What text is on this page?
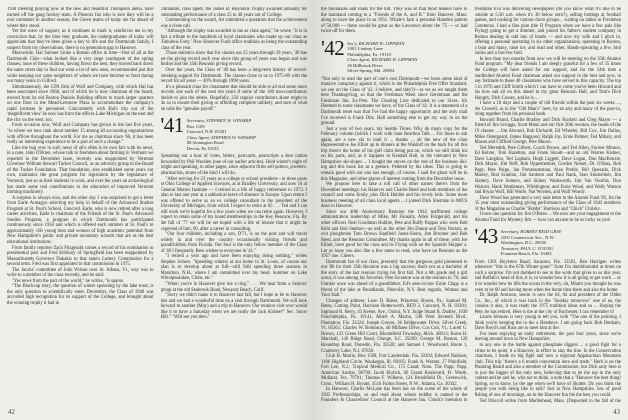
1938 meeting playing now in the new and beautiful Thompson arena, have earned off the gang hockey team. A Phoenix fan who is sure they will be a real contender in another season, the Green teams of today are far ahead of where they stood.

Yet the wave of support, as it continues to mark it, reinforces me in my conviction that, by the time they graduate, the undergraduates of today will appreciate that they've been given a key to life and the Dartmouth family, I suspect from my observations, there is no generation gap in Hanover.

Meanwhile, Hal Sumner broke a Boston office in time—first of all at the Dartmouth Club—what looked like a very large contingent of the spring classes; none of these children, having flown the nest, they moved back down the same street day to find out went a lot of new ones; recommended just this while keeping our same neighbors of whom we have become so fond during our many years in Gilford.

Simultaneously, the CPA firm of Wolf and Company, with which Hal has been associated since 1966, and of which he is now chairman of the board, moved from its old Boston Daniels Building offices to much larger quarters on one floor in the Mead-Lenmore Plaza to accommodate the company's rapid increase in personnel. Concurrently with Hal's trip out of the 'magnificent view' he now has from the offices Lake Michigan on the east and the city on the west, too.

From occasion now, Wolf and Company has grown in the last five years, "to where we now rank about number 15 among all accounting organizations with offices throughout the world. For me as chairman since '66, it has been really an interesting experience to be a part of such a change."

Like the bug over in surf, news of all's often is its own fact with its news, in a note, John O'Brien, whose talk to freshmen about farming in Vermont we reported in the December issue, recently was reappointed by Vermont Governor William Stewart Tucker Council, as an advisory group to the Board of the Tucker Foundation. That foundation, also established some years our own, maintains the great program for legislation by the legislature of Vermont, just so as their students in work, and over the years an archeological has made some real contributions to the education of improved Vermont farming machinery.

A surprise is always nice, and the other day I was surprised to get a letter from Earle Armagyn selecting my help in behalf of the Advanced Studies Program at St. Paul's School, Concord. Earle, who is now retired after a long career activities, Earle is chairman of the Friends of the St. Paul's Advanced Studies Program, a program in which Dartmouth has participated continuously since 1958 and which is offered each summer at St. Paul's to approximately 160 young men and women of high academic potential from New Hampshire's public and private secondary schools that are as the best educational institutions.

From family reporter Zach Fitzgerald comes a record of his nomination to presidential post and Fred Ethibury of Springfield has been reappointed by Massachusetts Governor Dukakis to that state's Lottery Commission for a second term. Fred was first appointed to that commission in 1975.

The Jacobs' committee of John Wilson over St. Albans, Vt., way was to write to a member of the class recently, and he said:

"Yes news from the part of the world," he writes, "is sparse.

"The Blackcap story, the question of winter spawning by the lake trout, is the only question to scientifically enter. December, the Class of 1940 was accorded high recognition for its support of the College, and brought about the winning trophy it had in

Outlander, class agent, the James B. Reynolds Trophy awarded annually for outstanding performance of a class 25 to 40 years out of College.

Commenting on the award, Art submitted a quotation that the achievement was a close call.

"Although the trophy was awarded to me as class agent," he wrote, "it is in fact a tribute to the hundreds of loyal classmates who made up our class as 'Fabulous Forty.' New Hanover Fund office tradition as being the outstanding class of the year.

Those statistics show that for classes out 25 years through 39 years, '40 has set the giving record each year since this group of years was began and was further and the 35th Reunion giving record.

Over the years, the Class of '40 has been a long-term history of record-breaking support for Dartmouth. The classes close to us in 1975-80 with the record for all years — 40% through 1990 years.

It's a pleasant class for classmates that should be able to all end some more records one each of the next ten years if some of the 100 non-contributors decide to join the others. Hopefully, 250 regular contributors alone might to do so to ensure their giving or affording complete unlikely, and sure of what he calls the "genuine payoff."

'41 Secretary, STEPHEN W. WINSHIP
Box 1109
Concord, N.H. 03301
Class Agent, STEPHEN W. WINSHIP
80 Stonington Road
Devon, Pa 19333

Spreading out a host of votes, letters, postcards, postscripts a dear nation forwarded by Phil Woollen (one of our earlier articles). Hold winter's night of bright and speaking, in other pages, since adjacent firms sell potters, jewelers, pharmacists, stores of the kind I will do.

"After serving for 23 years as a college or school president—in three posts at Ohio College of Applied Sciences, at at Bradley University, and now 16 at General Motors Institute — I retired to a life of happy retirement in 1973. I plan to last one year at a sabbatical leave of absence in Europe. Upon return I was offered to serve as an ex college consultant to the president of the University of Michigan, from which I expect to retire at 65 . . . Ted and I can still work we're hopeful for a few years when we can retire again. However, I expect to retain some of my board memberships in the Key Beacons, Fla. By the fall of '77 we will be set hoped with a life of leisure that it might be expected of him, 60, after a career in consulting.

"Our four children, including a son, D'71, is on the post and will travel widely in and over the country occasionally visiting friends and grandchildren from Florida. Our four is the only fellow member of the Class of '40 I frequently Bess wishes to everyone in '41."

"I retired a year ago and have been enjoying doing nothing," writes Stephen Scheer. "Spending winters at our home in St. Louis, of course our plan is to develop about at full—still Still spending three seasons in Marathon, N.H., where I am committed over my head. Summer on Lake Winnipesaukee, Clubs, etc."

"When you're in Hanover give me a ring," . . . We hear from a Seniors' group at the old Seabrook Road, Newport Beach, Calif.

"Sorry we didn't make it to Hanover last fall, but I hope to be to Hanover lots and we had a wonderful time on a visit through Dartmouth. We will look forward to another (May) and a trip to Hanover. Our reunion visit over would like it to have a Saturday when we are really the Jack Kisbee?" Sec. Snow Hill." "Will see you then."

42

the mountains and roads for the hill. They was so that most leaders have in the mainland coming to a "Friends of the A. and B." from Hanover, Mass. along to have the place in as 1951. Whale's Jack a personal Hamden pattern of 50,000 — these would be great as the Lawrence about the '75 — or had twice off for them.

'42 Sec'y, RICHARD W. LIPPMAN
1001 Lindsay Lane
Philadelphia, Pa. 19119
Class Agent, RICHARD W. LIPPMAN
26 Hillbrook Drive
Silver Spring, Md. 20904

"Not only to read the part of one's own Dartmouth—we learn some kind of massive conspiracy against it, which is the Philadelphia Free Offer Standard, we use on the Class of '42, I believe, and they'll—as we as we taught them here Thanksgiving, so that the Freshman Week since Gerstmann and the Freshman Inn. Ex-Pres. The Clearing Line dedicated to our Sixes. Ich Deemed to some classmates we have, of the Class of '42. It is a statement of a Dartmouth tenet was that I've had the happy opportunity and the only mail I've received is Frank Ditz. Hall something else to get my way in on the ground.

Just a year of two years, my Seattle Times. Why do many copy for the February column (which I work with Sam Reardon Talk ... For those to ask again, are a new ski to mail it ... thanks ... all the new of the class Representative Joe Elliot up to dinners at the Waldorf on the back for all this trip there's the home of his golf clubs being put on, which we still drink his on his parts, and, as it happens in Kendall Hall, to the tolerated in New Hampshire ski-slopes ... I bought the stoves on the rest of the business Ski-ing and this book list as a gesture. Pelleted by his ideas. This is going to remain good with our one last enough, of course. I said the ghost will be in this Magazine, and other places of interest coming from the December issue.

We propose here to take a toll call of other names there's from the December meetings: his Hanover and Charlie Reed and both members of the council and some Emily, plus Dick Hubble and his lovely kids. Some more business meeting of all class local agents ... I joined Dick Sherman in MICS dean in Hanover.

Since our 40th Anniversary Reunion the 1942 reaffirmed college administration leadership of Mike, Mr Finnally, Allen Fitzgerald, and his other officers Neal Goodman Hubble, Pete and Buffy Pappas who were Bob Kehl and Bob Snelton—as well as the other Jim Dunne and Tom Norton; as exit ploughmen Tom Brown Stanfield Jones-Sierra, Jim Brunner and Bob Reed, and the Reunion Committee. My thanks again to all of these, with Joe Elliott, have good for the class and its Flying with on the Spanish Skipper a. Let us hope you also like a few notes to read, who have no Reunion as the 1957 one. Cheers.

Dartmouth fan of our class, presently that the gorgeous gold presented to our '86 for their 35th Reunion was a big success; that's not as a bachelor of the story of the last reunion trying his first fall. Not a 6th grade and a girl scout, it was among his favorites. Pete Scranton was at the reunion in '76, and Frankie once was ahead of a grandfather. Ed's seen-in-law Ernie Clapp is a friend of the lake at Broadlands, Pineville, N.Y. Best regards, Woman and Your Hall."

Changes of address: Leon D. Baker, Princeton Shores, Pa.; Samuel M. Bates, Cutting Point, Harrison Butterworth, RFD 2, Concord, N. H. 03301; Sigmund R. Berry, 43 Keene, Ave., Orsini, N.Y. Judge Stuart R. Dudley, 1030 Ponchdelphia, Pa. 19141; Albert A. Martin, 548 West Seventh Blvd., Plantation, Fla. 33324; Joseph Graves, 36 Bridgewater Drive, Silver Creek, Vt. 05361; Charles W. Robinson, 40 Milhaen Drive, Cos Cob, Vt.; Lorett G. Brown, 123 Green Hill Court, Bloomfield Township, Mich. 48013; Burns H. Marshall, 140 Ridge Road, Orange, S.C. 29209; George M. Boston, 120 Roundtop Road, Dunedin, Fla. 33528; and Samuel J. Woodward, Route 1, Cranberry Lake, N.J. 07850.

Club H. Martin, Box 1508, Fort Lauderdale, Fla. 33302; Edward Nadison, 1106 Highland Circle, Waukegan, Ill. 60185; Frank A. Weston, 27 Plainfield, Fort Lee, N.J.; Tropical Medical Co., 175 Canal; Nom. The Papp; Papp, American Sanitar, 96790; Jacob Ehrlich, 60 Grand Boulevard, Ft. Worth, Midland, Tex. 79701; Thomas F. Wilkens, 124 Brookfield Dr., Greenwich, Conn.; William H. Bryant, 4516 Fulton Street, N.W., Atlanta, Ga. 30342.

In Hanover, Charlie McLane has been hot on the scene of the whole of 1925 Professorships, so and read about whose toddler is named to the Founders & Chancellors' Council at the Hanover Inn, Chuck's intention to

freshman Eva was delivering newspapers (do you know what it's like to be outside at 5:30 a.m. when it's 30 below zero?), selling hotdogs at football games, and cooking for various dorm groups... waiting on tables in Freshman Commons. I had a fine plan (the D Program when we have a few pals like Flying) going to get a dimmer, and joined his father's student company in Boston dealing in odd lots of bonds — and now my wife and I pitch in, offering a personal operating in six other organizations, operating in Boston, a boat and many, raise ice, and read and other, Hands-operating a few, bird books and a fast few bird.

In less than two months from now we will be meeting on the 35th Alumni Fund program. "My dear friends I am deeply grateful for a few of 35 times the College will have asked for our support, and for the 34th time a hardboiled Alumni Fund chairman asked our support in the best and now, in any fortitude to these 40 classmates who have served in this capacity. The top 5 in 1976 and Cliff Smith which I can have to come you've been Howard and his how sad all on this ahead in my great Reunion Hall, and Tom's Dick Hungey, Dick Cossey, and he is ...

I have a 10 days and a couple of old friends within the past six weeks ..., the Crowell, as in the "Old Man's" here, by an arty and many of the past-in, bring together from his personal bank.

Howard Brand, Charlie Bradley and Dick Hackett and Greg Mayor — a friend of Jim Scruggs, Scott Mann and our first 20th reunion, the heads of the 19 classes ... Jim Atwood, Bob Ehrhardt, Ed Wheeler, Bill Cox, Jim Dallas, Miles Ostergoard, James Hapgood, Ralph Joy, Ernie Palmer, Ted Mihaly, and Mason and Clifford George, Pete Munro.

Ted Meredith, Pete Gilbert, Coach Brown, and Ted Allen, Forrest Minton, Ed Kehrer, Tom Hazelton, and Frank Shoutt—and an old Warren Kistner, Dave Langdon, Ted Lapham, Hugh Liggett, Dave Logan, Don MacKenzie, Dick Mayor, Jim Neff, Bob Oppenheimer, Gordon Nemet, Dr. O'Hara, Bob Page, Pete Paige, Jan Pomerantsman, Alan Preble, Bill Quesada, Dick Marley, Bud Scanlon, Jim Sanborn and Paul Rank, Stan Sinsheimer, Jim Slattery, Dave Somers, and Sidney Wadsworth, Jim Van Voorhis, Don Walcott, Hank Wattleman, Whittington; and Ernie Wood, and Wally Watson and Bryan Wolf, Bill Wolfe, Nat Worden, and Wolf Woody.

Dave Wood has generated a very neat letter to the Alumni Fund '81, for the 35 year most outstanding giving performance of the Class of 1943 members of the Magazine as Charlie "Bubba" Harrison and "Chick" Chrisky.

I have one question for Jim O'Brien ... We now see your engagement to the Alumni Fund for Mystery Jim — how can anyone to be as lucky as you!

'43 Secretary, ROBERT REID GRAY
1001 Connecticut Ave., N.W.
Washington, D.C. 20036
Treasurer, PAUL C. YOUNG
Fountain Beach, Fla. 33482

From 1301 Boylston Road, Sarasota, Fla. 33581, Ben Harrigan writes whenever "this is the 67th Winter gone!" from I'm dumbfounded at times on such a surprise. I'm not dumbed to see to the work that gives to us this year, and Buffalo's head of this, it is, to wonder how it is all going to get work ... or it to wonder how he lifts the ocean in the very, oh, Miami you thought he was even to be 60 and having more when the home time there and also the home.

Dr. Ralph Aronson, senior is now the 64, 04 and president of the Oldes Co., Inc., of which it was back in the "Sunday tomorrow" one of us, the cousins it also, it was ready the 1975 tradition ideas and so ... Hoping the Pete, he has retired. Here is the at the city of Rochester, I can remember it!

Laurie Johnson is very young to tell you, with "The one of the pointing. I think you're keeping the in the a Hersheys. I am going back Bob Denham, Dave Boyd's and Russ are to meet him at the.

I've been enjoying an early retirement, the past four years, since we're leaving around town in New Hampshire.

to any one in the battle against phosphate diggers ... a good fight for a virtue to be quiet, it a Hanover, in effort to stay the line. In the Conservation chairman, I made its big fight and now a regional Appalachian Mountain club. This trip "there's a 6 month convention here and trade." Herb is on the Planning Board and also a member of the Commission, but Dick only here is to just the bigger of the only new, believing that to be the top to the only contest and he and he, who not to think, a note that a "Hanover the best thing! Spring, so to know, by the age when we'll have of Shutter. Do you think the people you with being like to talk? Just in New Hampshire, lots of good fishing of one of mornings, on in the Hanover Inn the the best you could.

Ted Driscoll writes from Marblehead, Mass. (Deposited in the fall of the

43
